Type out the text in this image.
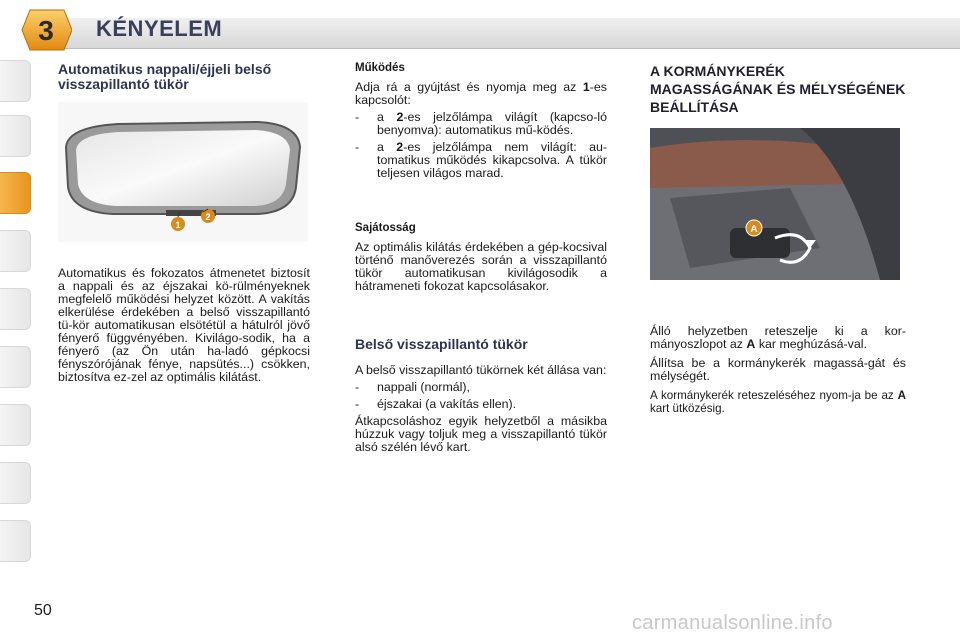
3 KÉNYELEM
Automatikus nappali/éjjeli belső visszapillantó tükör
1
2

Automatikus és fokozatos átmenetet biztosít a nappali és az éjszakai kö-rülményeknek megfelelő működési helyzet között. A vakítás elkerülése érdekében a belső visszapillantó tü-kör automatikusan elsötétül a hátulról jövő fényerő függvényében. Kivilágo-sodik, ha a fényerő (az Ön után ha-ladó gépkocsi fényszórójának fénye, napsütés...) csökken, biztosítva ez-zel az optimális kilátást.

Működés

Adja rá a gyújtást és nyomja meg az 1-es kapcsolót:

-	a 2-es jelzőlámpa világít (kapcso-ló benyomva): automatikus mű-ködés.
-	a 2-es jelzőlámpa nem világít: au-tomatikus működés kikapcsolva. A tükör teljesen világos marad.
Sajátosság

Az optimális kilátás érdekében a gép-kocsival történő manőverezés során a visszapillantó tükör automatikusan kivilágosodik a hátrameneti fokozat kapcsolásakor.

Belső visszapillantó tükör

A belső visszapillantó tükörnek két állása van:

-	nappali (normál),
-	éjszakai (a vakítás ellen).

Átkapcsoláshoz egyik helyzetből a másikba húzzuk vagy toljuk meg a visszapillantó tükör alsó szélén lévő kart.

A KORMÁNYKERÉK MAGASSÁGÁNAK ÉS MÉLYSÉGÉNEK BEÁLLÍTÁSA
A

Álló helyzetben reteszelje ki a kor-mányoszlopot az A kar meghúzásá-val.

Állítsa be a kormánykerék magassá-gát és mélységét.

A kormánykerék reteszeléséhez nyom-ja be az A kart ütközésig.

50
carmanualsonline.info
